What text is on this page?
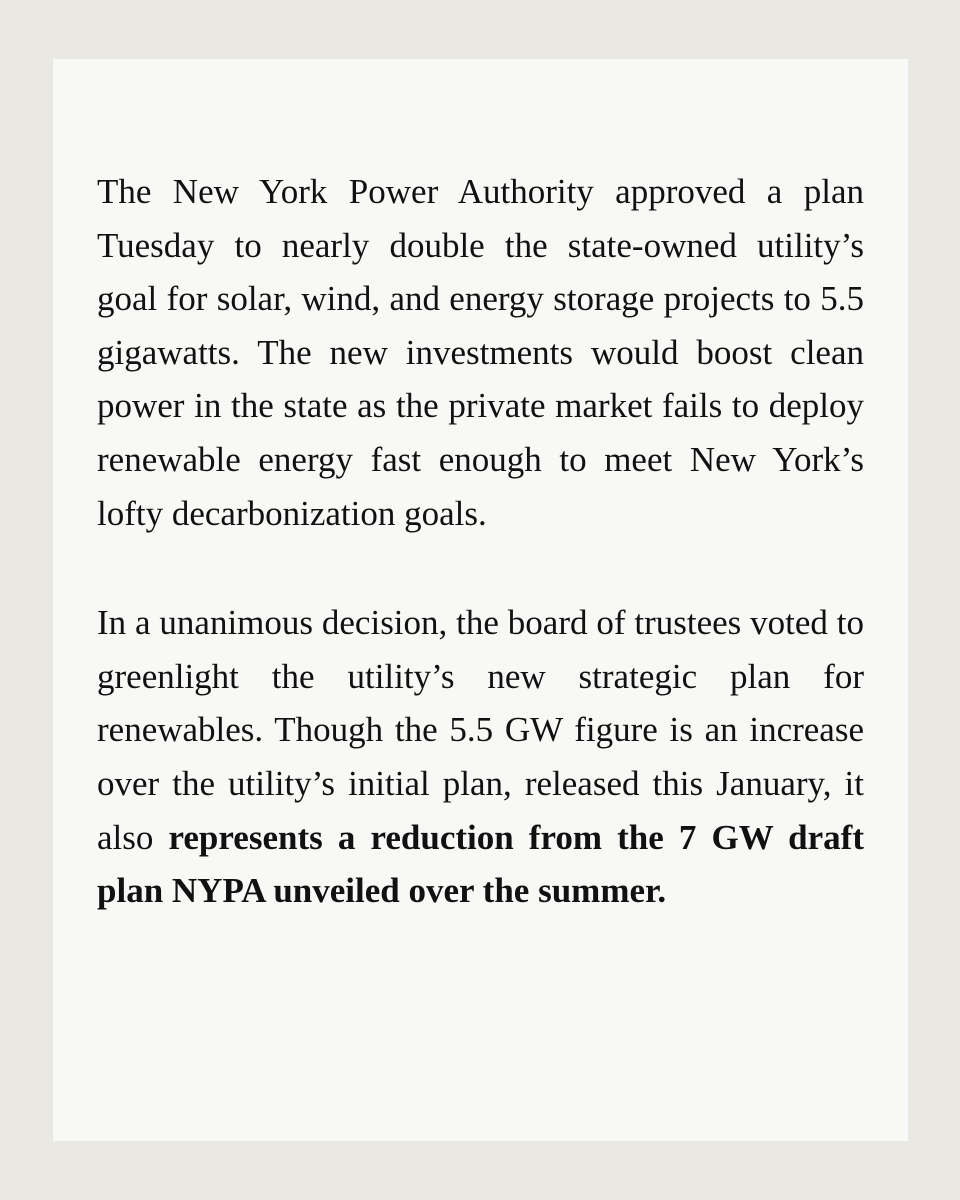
The New York Power Authority approved a plan Tuesday to nearly double the state-owned utility’s goal for solar, wind, and energy storage projects to 5.5 gigawatts. The new investments would boost clean power in the state as the private market fails to deploy renewable energy fast enough to meet New York’s lofty decarbonization goals.

In a unanimous decision, the board of trustees voted to greenlight the utility’s new strategic plan for renewables. Though the 5.5 GW figure is an increase over the utility’s initial plan, released this January, it also represents a reduction from the 7 GW draft plan NYPA unveiled over the summer.
